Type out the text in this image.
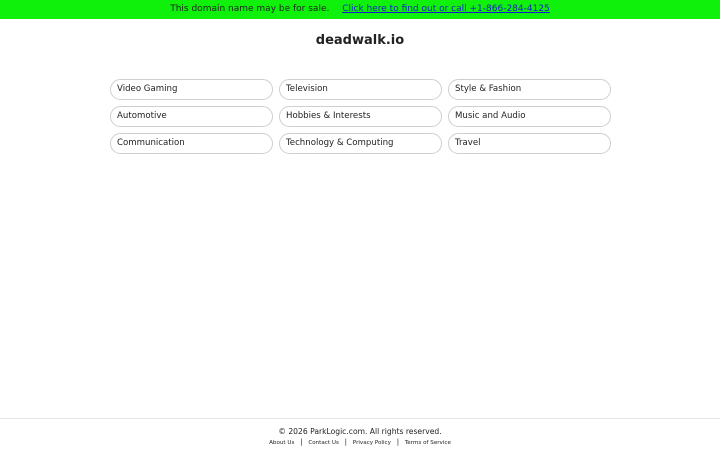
This domain name may be for sale. Click here to find out or call +1-866-284-4125
deadwalk.io
Video Gaming	Television	Style & Fashion
Automotive	Hobbies & Interests	Music and Audio
Communication	Technology & Computing	Travel
© 2026 ParkLogic.com. All rights reserved.
About Us | Contact Us | Privacy Policy | Terms of Service
